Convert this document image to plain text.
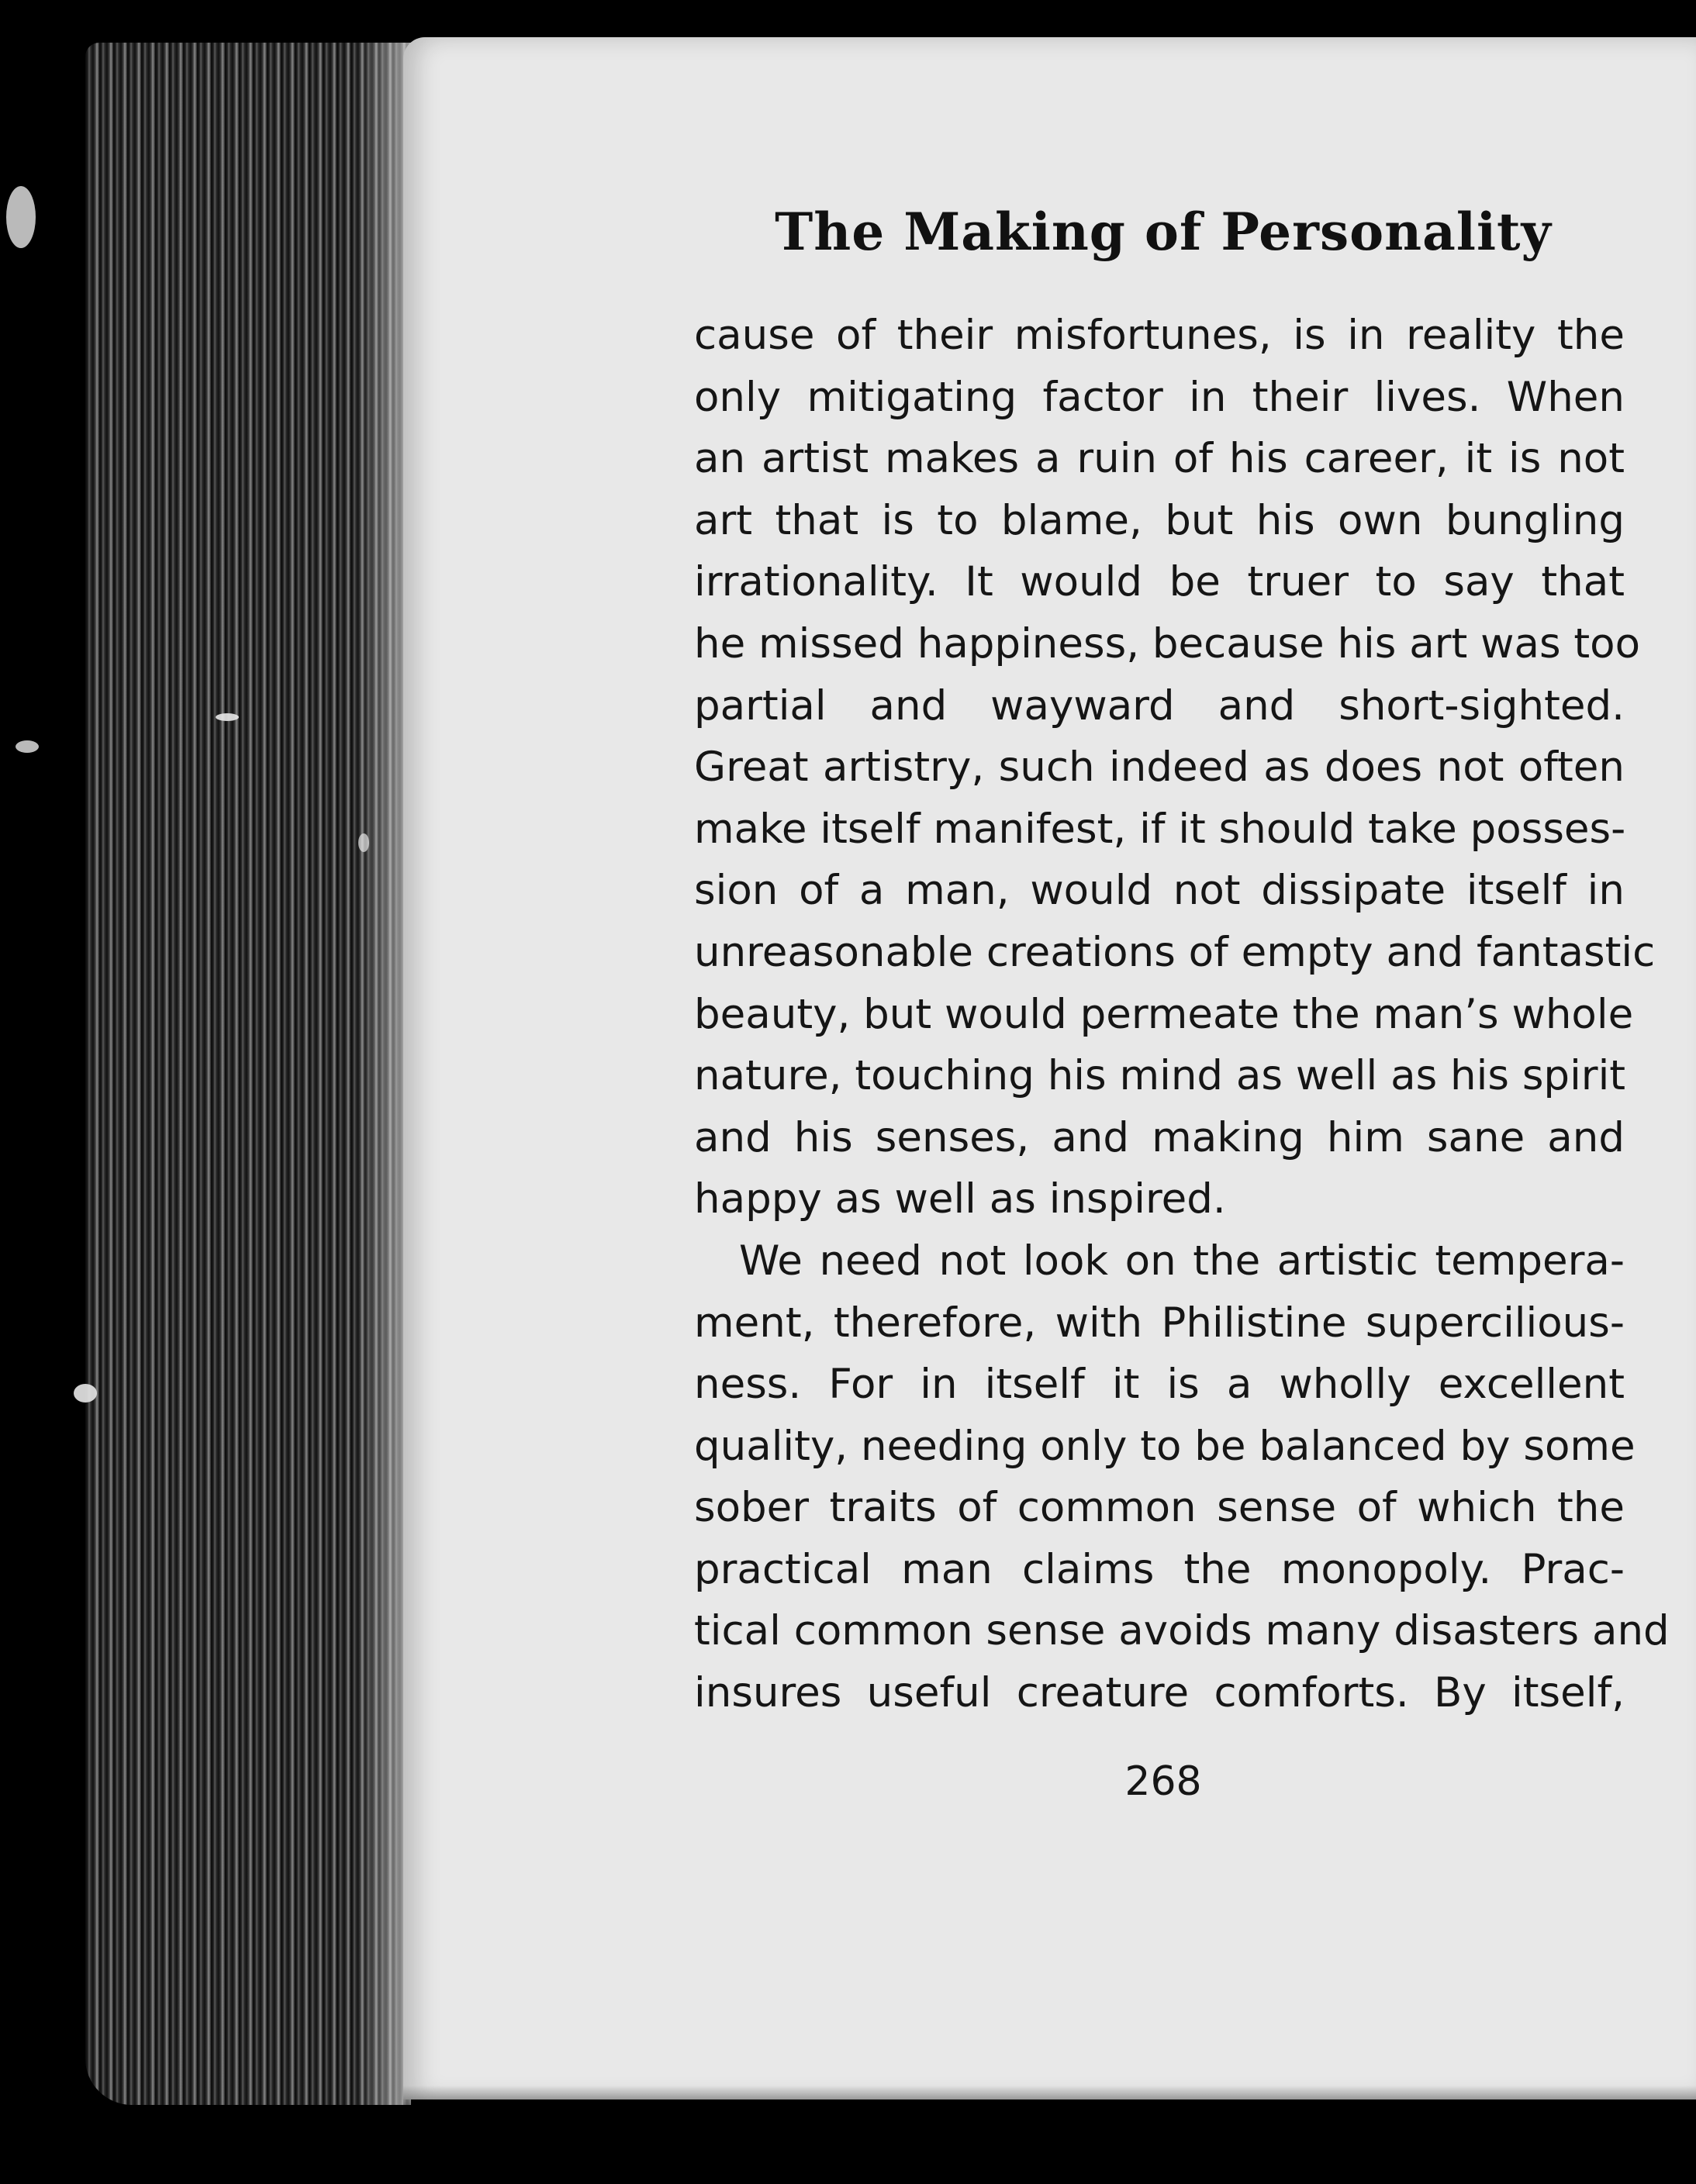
The Making of Personality
cause of their misfortunes, is in reality the
only mitigating factor in their lives. When
an artist makes a ruin of his career, it is not
art that is to blame, but his own bungling
irrationality. It would be truer to say that
he missed happiness, because his art was too
partial and wayward and short-sighted.
Great artistry, such indeed as does not often
make itself manifest, if it should take posses-
sion of a man, would not dissipate itself in
unreasonable creations of empty and fantastic
beauty, but would permeate the man’s whole
nature, touching his mind as well as his spirit
and his senses, and making him sane and
happy as well as inspired.
We need not look on the artistic tempera-
ment, therefore, with Philistine supercilious-
ness. For in itself it is a wholly excellent
quality, needing only to be balanced by some
sober traits of common sense of which the
practical man claims the monopoly. Prac-
tical common sense avoids many disasters and
insures useful creature comforts. By itself,
268
